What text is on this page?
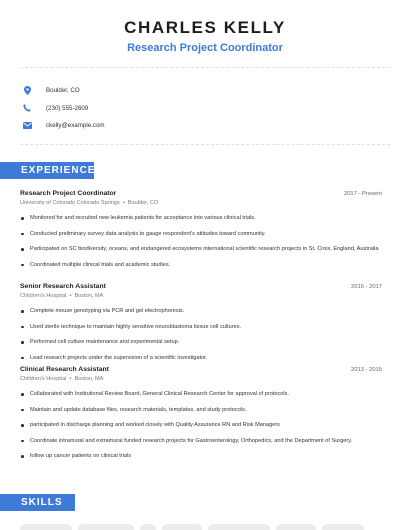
CHARLES KELLY
Research Project Coordinator
Boulder, CO
(230) 555-2609
ckelly@example.com
EXPERIENCE
Research Project Coordinator	2017 - Present
University of Colorado Colorado Springs • Boulder, CO
Monitored for and recruited new leukemia patients for acceptance into various clinical trials.
Conducted preliminary survey data analysis to gauge respondent's attitudes toward community.
Participated on SC biodiversity, oceans, and endangered ecosystems international scientific research projects in St. Croix, England, Australia
Coordinated multiple clinical trials and academic studies.
Senior Research Assistant	2016 - 2017
Children's Hospital • Boston, MA
Complete mouse genotyping via PCR and gel electrophoresis.
Used sterile technique to maintain highly sensitive neuroblastoma tissue cell cultures.
Performed cell culture maintenance and experimental setup.
Lead research projects under the supervision of a scientific investigator.
Clinical Research Assistant	2013 - 2015
Children's Hospital • Boston, MA
Collaborated with Institutional Review Board, General Clinical Research Center for approval of protocols.
Maintain and update database files, research materials, templates, and study protocols.
participated in discharge planning and worked closely with Quality Assurance RN and Risk Managers
Coordinate intramural and extramural funded research projects for Gastroenterology, Orthopedics, and the Department of Surgery.
follow up cancer patients on clinical trials
SKILLS
